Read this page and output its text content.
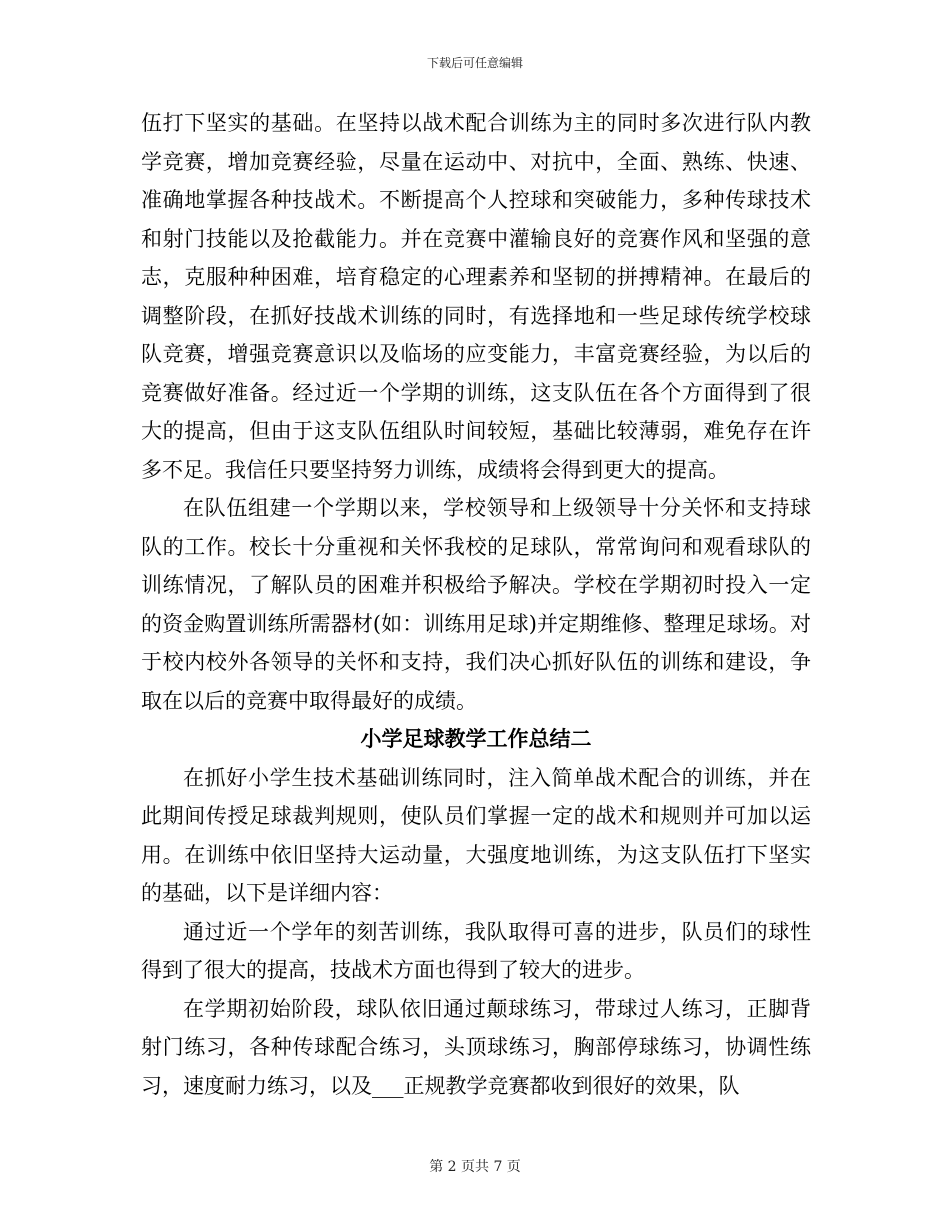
下载后可任意编辑

伍打下坚实的基础。在坚持以战术配合训练为主的同时多次进行队内教学竞赛，增加竞赛经验，尽量在运动中、对抗中，全面、熟练、快速、准确地掌握各种技战术。不断提高个人控球和突破能力，多种传球技术和射门技能以及抢截能力。并在竞赛中灌输良好的竞赛作风和坚强的意志，克服种种困难，培育稳定的心理素养和坚韧的拼搏精神。在最后的调整阶段，在抓好技战术训练的同时，有选择地和一些足球传统学校球队竞赛，增强竞赛意识以及临场的应变能力，丰富竞赛经验，为以后的竞赛做好准备。经过近一个学期的训练，这支队伍在各个方面得到了很大的提高，但由于这支队伍组队时间较短，基础比较薄弱，难免存在许多不足。我信任只要坚持努力训练，成绩将会得到更大的提高。

在队伍组建一个学期以来，学校领导和上级领导十分关怀和支持球队的工作。校长十分重视和关怀我校的足球队，常常询问和观看球队的训练情况，了解队员的困难并积极给予解决。学校在学期初时投入一定的资金购置训练所需器材(如：训练用足球)并定期维修、整理足球场。对于校内校外各领导的关怀和支持，我们决心抓好队伍的训练和建设，争取在以后的竞赛中取得最好的成绩。

小学足球教学工作总结二

在抓好小学生技术基础训练同时，注入简单战术配合的训练，并在此期间传授足球裁判规则，使队员们掌握一定的战术和规则并可加以运用。在训练中依旧坚持大运动量，大强度地训练，为这支队伍打下坚实的基础，以下是详细内容：

通过近一个学年的刻苦训练，我队取得可喜的进步，队员们的球性得到了很大的提高，技战术方面也得到了较大的进步。

在学期初始阶段，球队依旧通过颠球练习，带球过人练习，正脚背射门练习，各种传球配合练习，头顶球练习，胸部停球练习，协调性练习，速度耐力练习，以及___正规教学竞赛都收到很好的效果，队

第 2 页共 7 页
